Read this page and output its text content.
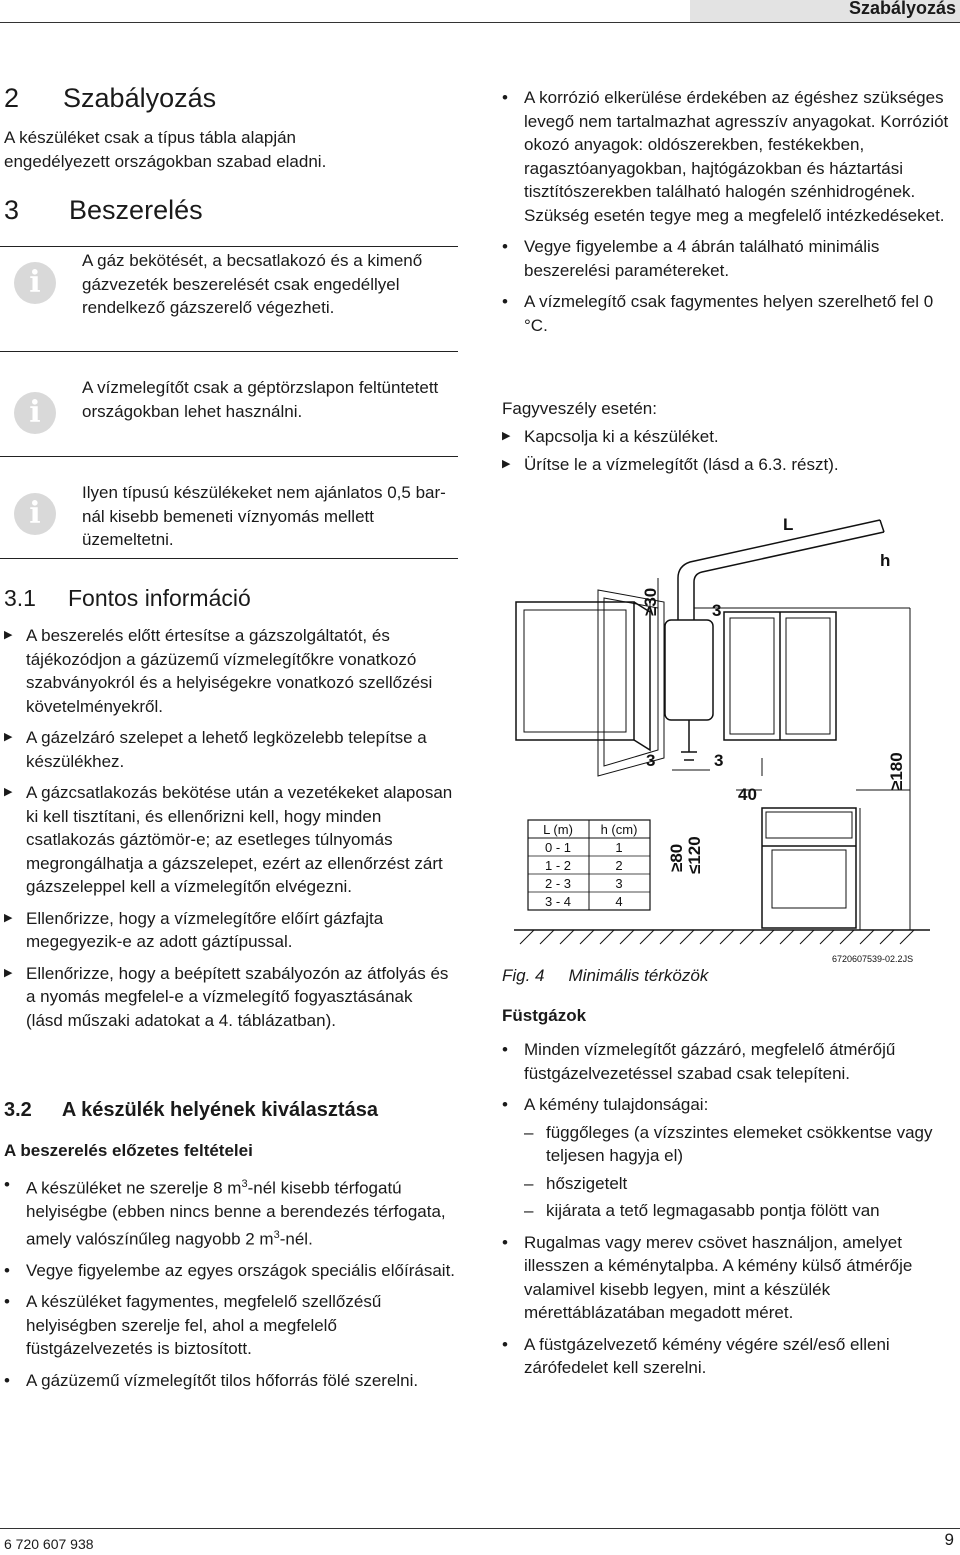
Szabályozás
2 Szabályozás

A készüléket csak a típus tábla alapján engedélyezett országokban szabad eladni.

3 Beszerelés
i

A gáz bekötését, a becsatlakozó és a kimenő gázvezeték beszerelését csak engedéllyel rendelkező gázszerelő végezheti.

i

A vízmelegítőt csak a géptörzslapon feltüntetett országokban lehet használni.

i

Ilyen típusú készülékeket nem ajánlatos 0,5 bar-nál kisebb bemeneti víznyomás mellett üzemeltetni.

3.1 Fontos információ
▶ A beszerelés előtt értesítse a gázszolgáltatót, és tájékozódjon a gázüzemű vízmelegítőkre vonatkozó szabványokról és a helyiségekre vonatkozó szellőzési követelményekről.
▶ A gázelzáró szelepet a lehető legközelebb telepítse a készülékhez.
▶ A gázcsatlakozás bekötése után a vezetékeket alaposan ki kell tisztítani, és ellenőrizni kell, hogy minden csatlakozás gáztömör-e; az esetleges túlnyomás megrongálhatja a gázszelepet, ezért az ellenőrzést zárt gázszeleppel kell a vízmelegítőn elvégezni.
▶ Ellenőrizze, hogy a vízmelegítőre előírt gázfajta megegyezik-e az adott gáztípussal.
▶ Ellenőrizze, hogy a beépített szabályozón az átfolyás és a nyomás megfelel-e a vízmelegítő fogyasztásának (lásd műszaki adatokat a 4. táblázatban).
3.2 A készülék helyének kiválasztása
A beszerelés előzetes feltételei
• A készüléket ne szerelje 8 $m^3$-nél kisebb térfogatú helyiségbe (ebben nincs benne a berendezés térfogata, amely valószínűleg nagyobb 2 $m^3$-nél.
• Vegye figyelembe az egyes országok speciális előírásait.
• A készüléket fagymentes, megfelelő szellőzésű helyiségben szerelje fel, ahol a megfelelő füstgázelvezetés is biztosított.
• A gázüzemű vízmelegítőt tilos hőforrás fölé szerelni.
• A korrózió elkerülése érdekében az égéshez szükséges levegő nem tartalmazhat agresszív anyagokat. Korróziót okozó anyagok: oldószerekben, festékekben, ragasztóanyagokban, hajtógázokban és háztartási tisztítószerekben található halogén szénhidrogének. Szükség esetén tegye meg a megfelelő intézkedéseket.
• Vegye figyelembe a 4 ábrán található minimális beszerelési paramétereket.
• A vízmelegítő csak fagymentes helyen szerelhető fel 0 °C.

Fagyveszély esetén:

▶ Kapcsolja ki a készüléket.
▶ Ürítse le a vízmelegítőt (lásd a 6.3. részt).
L
h
≥30	3
3	3
40
≥80 ≤120
≥180
L (m) h (cm)
0 - 1	1
1 - 2	2
2 - 3	3
3 - 4	4
6720607539-02.2JS
Fig. 4 Minimális térközök
Füstgázok
• Minden vízmelegítőt gázzáró, megfelelő átmérőjű füstgázelvezetéssel szabad csak telepíteni.
• A kémény tulajdonságai:
– függőleges (a vízszintes elemeket csökkentse vagy teljesen hagyja el)
– hőszigetelt
– kijárata a tető legmagasabb pontja fölött van
• Rugalmas vagy merev csövet használjon, amelyet illesszen a kéménytalpba. A kémény külső átmérője valamivel kisebb legyen, mint a készülék mérettáblázatában megadott méret.
• A füstgázelvezető kémény végére szél/eső elleni zárófedelet kell szerelni.
6 720 607 938	9
